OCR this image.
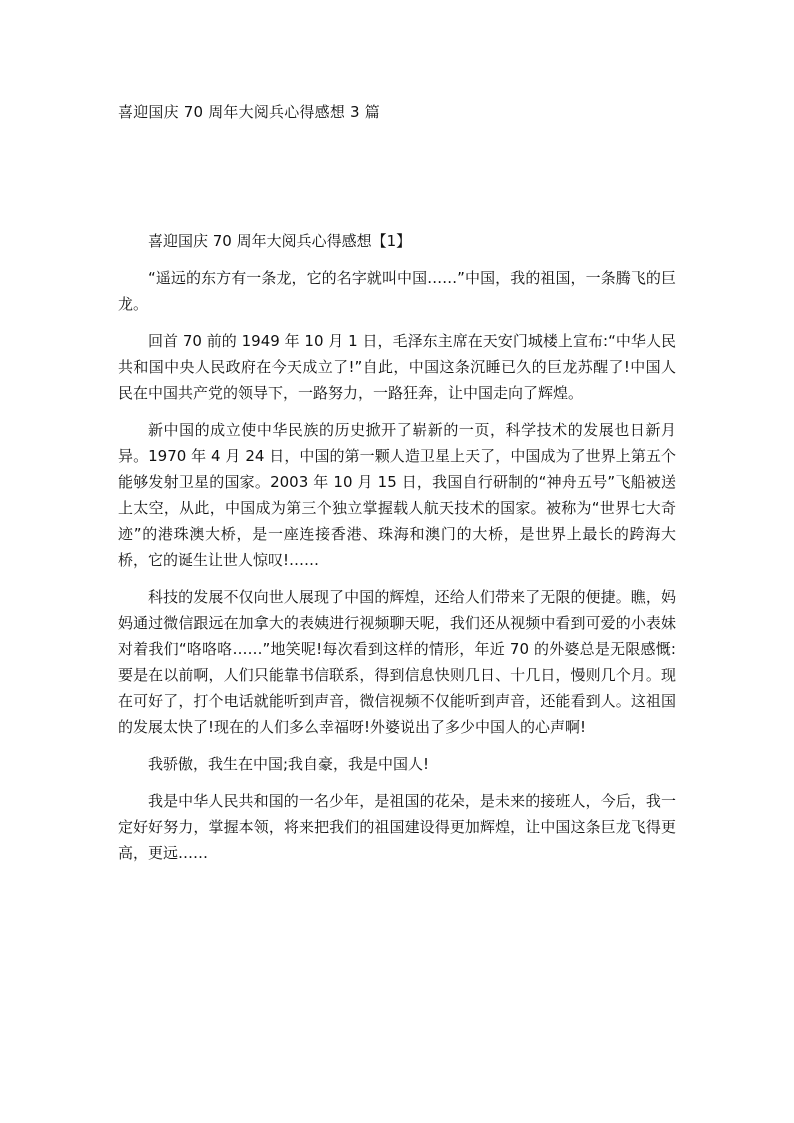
喜迎国庆 70 周年大阅兵心得感想 3 篇

喜迎国庆 70 周年大阅兵心得感想【1】

“遥远的东方有一条龙，它的名字就叫中国……”中国，我的祖国，一条腾飞的巨龙。

回首 70 前的 1949 年 10 月 1 日，毛泽东主席在天安门城楼上宣布:“中华人民共和国中央人民政府在今天成立了!”自此，中国这条沉睡已久的巨龙苏醒了!中国人民在中国共产党的领导下，一路努力，一路狂奔，让中国走向了辉煌。

新中国的成立使中华民族的历史掀开了崭新的一页，科学技术的发展也日新月异。1970 年 4 月 24 日，中国的第一颗人造卫星上天了，中国成为了世界上第五个能够发射卫星的国家。2003 年 10 月 15 日，我国自行研制的“神舟五号”飞船被送上太空，从此，中国成为第三个独立掌握载人航天技术的国家。被称为“世界七大奇迹”的港珠澳大桥，是一座连接香港、珠海和澳门的大桥，是世界上最长的跨海大桥，它的诞生让世人惊叹!……

科技的发展不仅向世人展现了中国的辉煌，还给人们带来了无限的便捷。瞧，妈妈通过微信跟远在加拿大的表姨进行视频聊天呢，我们还从视频中看到可爱的小表妹对着我们“咯咯咯……”地笑呢!每次看到这样的情形，年近 70 的外婆总是无限感慨:要是在以前啊，人们只能靠书信联系，得到信息快则几日、十几日，慢则几个月。现在可好了，打个电话就能听到声音，微信视频不仅能听到声音，还能看到人。这祖国的发展太快了!现在的人们多么幸福呀!外婆说出了多少中国人的心声啊!

我骄傲，我生在中国;我自豪，我是中国人!

我是中华人民共和国的一名少年，是祖国的花朵，是未来的接班人，今后，我一定好好努力，掌握本领，将来把我们的祖国建设得更加辉煌，让中国这条巨龙飞得更高，更远……
